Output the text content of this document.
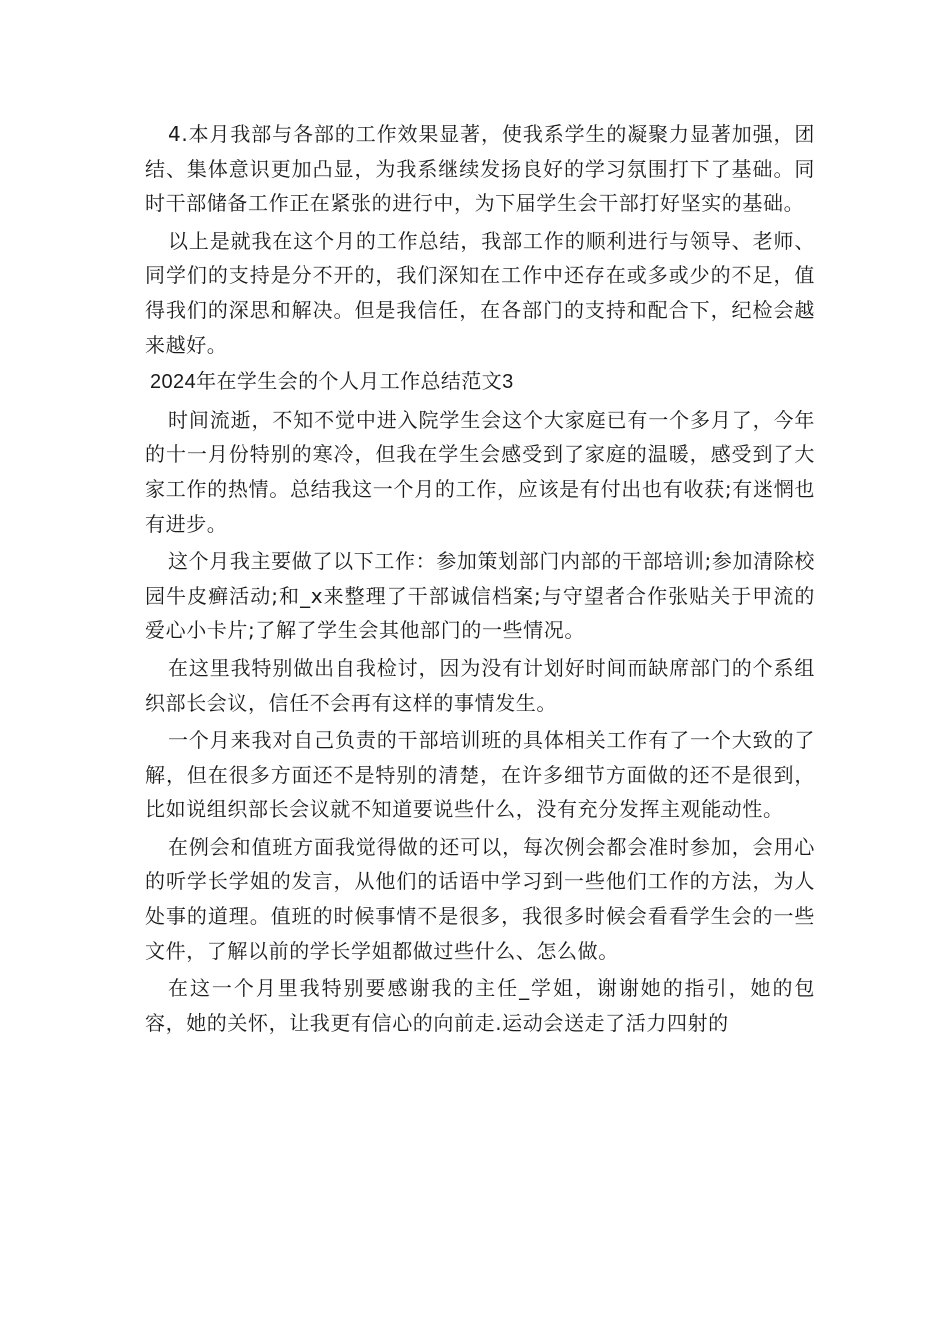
4.本月我部与各部的工作效果显著，使我系学生的凝聚力显著加强，团结、集体意识更加凸显，为我系继续发扬良好的学习氛围打下了基础。同时干部储备工作正在紧张的进行中，为下届学生会干部打好坚实的基础。

以上是就我在这个月的工作总结，我部工作的顺利进行与领导、老师、同学们的支持是分不开的，我们深知在工作中还存在或多或少的不足，值得我们的深思和解决。但是我信任，在各部门的支持和配合下，纪检会越来越好。

2024年在学生会的个人月工作总结范文3

时间流逝，不知不觉中进入院学生会这个大家庭已有一个多月了，今年的十一月份特别的寒冷，但我在学生会感受到了家庭的温暖，感受到了大家工作的热情。总结我这一个月的工作，应该是有付出也有收获;有迷惘也有进步。

这个月我主要做了以下工作：参加策划部门内部的干部培训;参加清除校园牛皮癣活动;和_x来整理了干部诚信档案;与守望者合作张贴关于甲流的爱心小卡片;了解了学生会其他部门的一些情况。

在这里我特别做出自我检讨，因为没有计划好时间而缺席部门的个系组织部长会议，信任不会再有这样的事情发生。

一个月来我对自己负责的干部培训班的具体相关工作有了一个大致的了解，但在很多方面还不是特别的清楚，在许多细节方面做的还不是很到，比如说组织部长会议就不知道要说些什么，没有充分发挥主观能动性。

在例会和值班方面我觉得做的还可以，每次例会都会准时参加，会用心的听学长学姐的发言，从他们的话语中学习到一些他们工作的方法，为人处事的道理。值班的时候事情不是很多，我很多时候会看看学生会的一些文件，了解以前的学长学姐都做过些什么、怎么做。

在这一个月里我特别要感谢我的主任_学姐，谢谢她的指引，她的包容，她的关怀，让我更有信心的向前走.运动会送走了活力四射的
